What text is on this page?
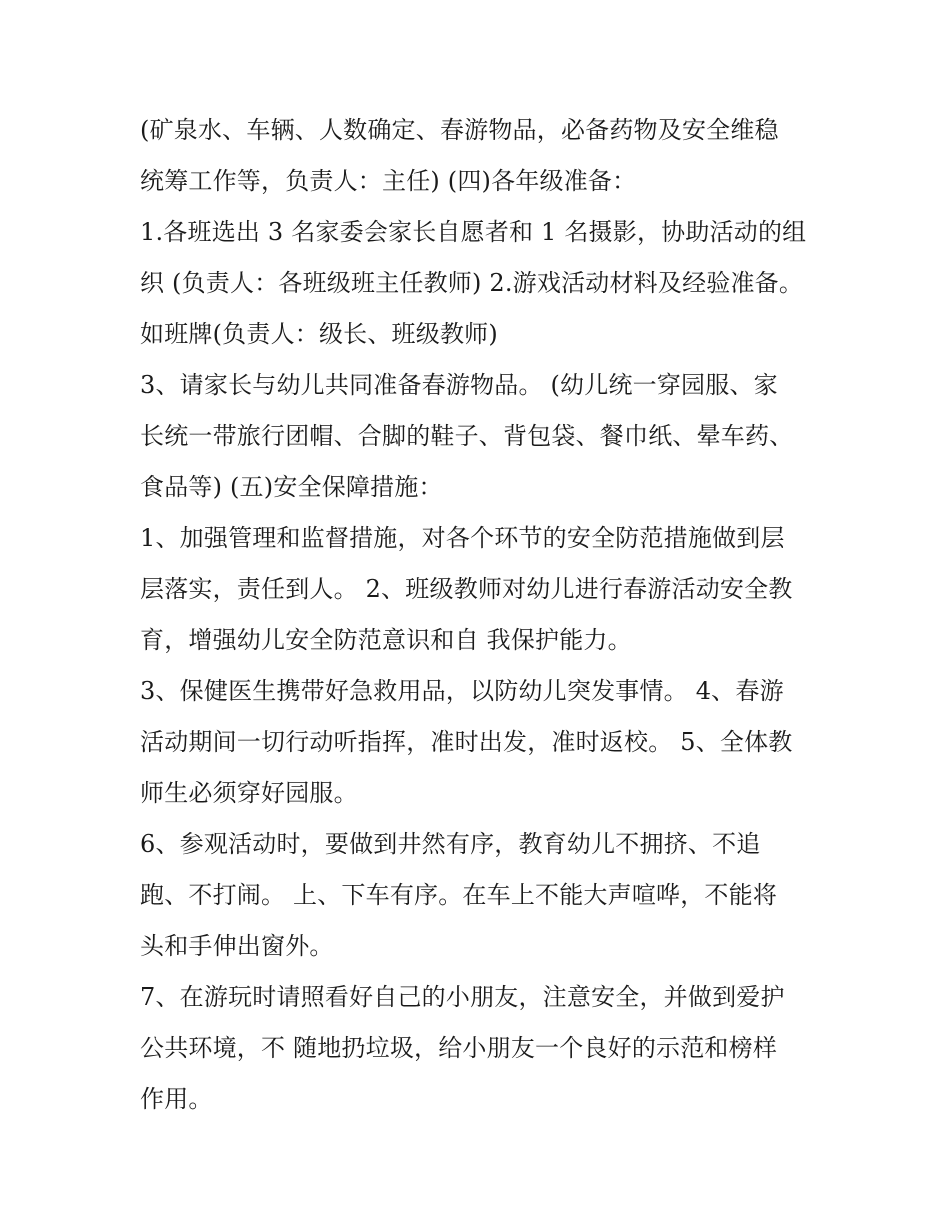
(矿泉水、车辆、人数确定、春游物品，必备药物及安全维稳
统筹工作等，负责人：主任) (四)各年级准备：
1.各班选出 3 名家委会家长自愿者和 1 名摄影，协助活动的组
织 (负责人：各班级班主任教师) 2.游戏活动材料及经验准备。
如班牌(负责人：级长、班级教师)
3、请家长与幼儿共同准备春游物品。 (幼儿统一穿园服、家
长统一带旅行团帽、合脚的鞋子、背包袋、餐巾纸、晕车药、
食品等) (五)安全保障措施：
1、加强管理和监督措施，对各个环节的安全防范措施做到层
层落实，责任到人。 2、班级教师对幼儿进行春游活动安全教
育，增强幼儿安全防范意识和自 我保护能力。
3、保健医生携带好急救用品，以防幼儿突发事情。 4、春游
活动期间一切行动听指挥，准时出发，准时返校。 5、全体教
师生必须穿好园服。
6、参观活动时，要做到井然有序，教育幼儿不拥挤、不追
跑、不打闹。 上、下车有序。在车上不能大声喧哗，不能将
头和手伸出窗外。
7、在游玩时请照看好自己的小朋友，注意安全，并做到爱护
公共环境，不 随地扔垃圾，给小朋友一个良好的示范和榜样
作用。
